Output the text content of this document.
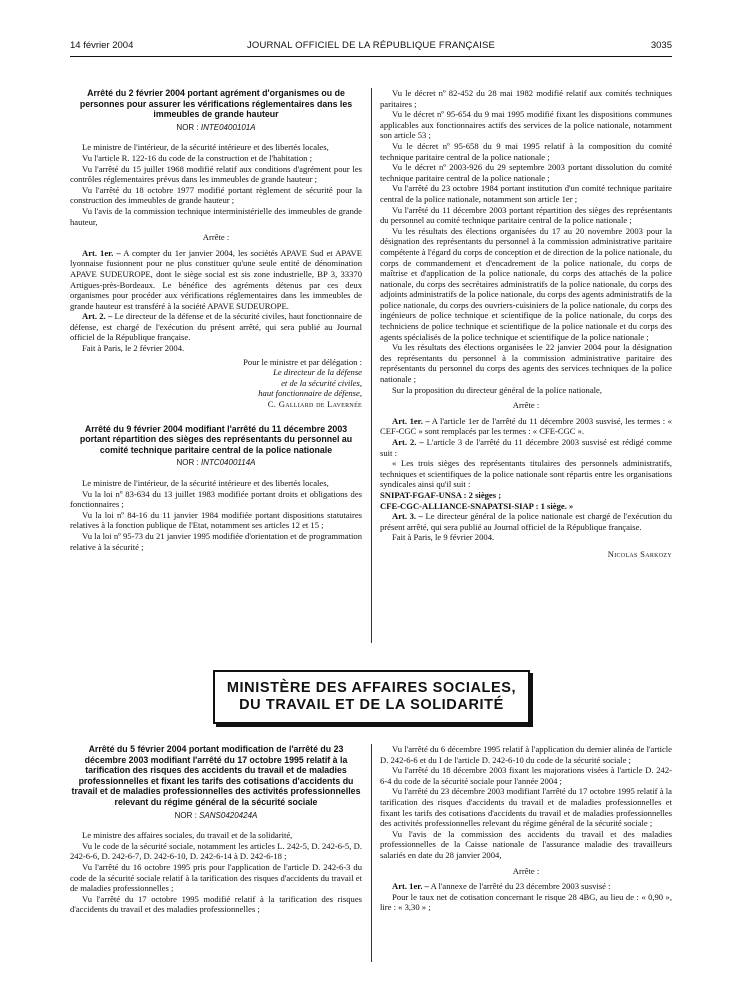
14 février 2004	JOURNAL OFFICIEL DE LA RÉPUBLIQUE FRANÇAISE	3035
Arrêté du 2 février 2004 portant agrément d'organismes ou de personnes pour assurer les vérifications réglementaires dans les immeubles de grande hauteur
NOR : INTE0400101A

Le ministre de l'intérieur, de la sécurité intérieure et des libertés locales,

Vu l'article R. 122-16 du code de la construction et de l'habitation ;

Vu l'arrêté du 15 juillet 1968 modifié relatif aux conditions d'agrément pour les contrôles réglementaires prévus dans les immeubles de grande hauteur ;

Vu l'arrêté du 18 octobre 1977 modifié portant règlement de sécurité pour la construction des immeubles de grande hauteur ;

Vu l'avis de la commission technique interministérielle des immeubles de grande hauteur,

Arrête :

Art. 1er. – A compter du 1er janvier 2004, les sociétés APAVE Sud et APAVE lyonnaise fusionnent pour ne plus constituer qu'une seule entité de dénomination APAVE SUDEUROPE, dont le siège social est sis zone industrielle, BP 3, 33370 Artigues-près-Bordeaux. Le bénéfice des agréments détenus par ces deux organismes pour procéder aux vérifications réglementaires dans les immeubles de grande hauteur est transféré à la société APAVE SUDEUROPE.

Art. 2. – Le directeur de la défense et de la sécurité civiles, haut fonctionnaire de défense, est chargé de l'exécution du présent arrêté, qui sera publié au Journal officiel de la République française.

Fait à Paris, le 2 février 2004.

Pour le ministre et par délégation :
Le directeur de la défense
et de la sécurité civiles,
haut fonctionnaire de défense,
C. Galliard de Lavernée
Arrêté du 9 février 2004 modifiant l'arrêté du 11 décembre 2003 portant répartition des sièges des représentants du personnel au comité technique paritaire central de la police nationale
NOR : INTC0400114A

Le ministre de l'intérieur, de la sécurité intérieure et des libertés locales,

Vu la loi nº 83-634 du 13 juillet 1983 modifiée portant droits et obligations des fonctionnaires ;

Vu la loi nº 84-16 du 11 janvier 1984 modifiée portant dispositions statutaires relatives à la fonction publique de l'Etat, notamment ses articles 12 et 15 ;

Vu la loi nº 95-73 du 21 janvier 1995 modifiée d'orientation et de programmation relative à la sécurité ;

Vu le décret nº 82-452 du 28 mai 1982 modifié relatif aux comités techniques paritaires ;

Vu le décret nº 95-654 du 9 mai 1995 modifié fixant les dispositions communes applicables aux fonctionnaires actifs des services de la police nationale, notamment son article 53 ;

Vu le décret nº 95-658 du 9 mai 1995 relatif à la composition du comité technique paritaire central de la police nationale ;

Vu le décret nº 2003-926 du 29 septembre 2003 portant dissolution du comité technique paritaire central de la police nationale ;

Vu l'arrêté du 23 octobre 1984 portant institution d'un comité technique paritaire central de la police nationale, notamment son article 1er ;

Vu l'arrêté du 11 décembre 2003 portant répartition des sièges des représentants du personnel au comité technique paritaire central de la police nationale ;

Vu les résultats des élections organisées du 17 au 20 novembre 2003 pour la désignation des représentants du personnel à la commission administrative paritaire compétente à l'égard du corps de conception et de direction de la police nationale, du corps de commandement et d'encadrement de la police nationale, du corps de maîtrise et d'application de la police nationale, du corps des attachés de la police nationale, du corps des secrétaires administratifs de la police nationale, du corps des adjoints administratifs de la police nationale, du corps des agents administratifs de la police nationale, du corps des ouvriers-cuisiniers de la police nationale, du corps des ingénieurs de police technique et scientifique de la police nationale, du corps des techniciens de police technique et scientifique de la police nationale et du corps des agents spécialisés de la police technique et scientifique de la police nationale ;

Vu les résultats des élections organisées le 22 janvier 2004 pour la désignation des représentants du personnel à la commission administrative paritaire des représentants du personnel du corps des agents des services techniques de la police nationale ;

Sur la proposition du directeur général de la police nationale,

Arrête :

Art. 1er. – A l'article 1er de l'arrêté du 11 décembre 2003 susvisé, les termes : « CEF-CGC » sont remplacés par les termes : « CFE-CGC ».

Art. 2. – L'article 3 de l'arrêté du 11 décembre 2003 susvisé est rédigé comme suit :

« Les trois sièges des représentants titulaires des personnels administratifs, techniques et scientifiques de la police nationale sont répartis entre les organisations syndicales ainsi qu'il suit :

SNIPAT-FGAF-UNSA : 2 sièges ;

CFE-CGC-ALLIANCE-SNAPATSI-SIAP : 1 siège. »

Art. 3. – Le directeur général de la police nationale est chargé de l'exécution du présent arrêté, qui sera publié au Journal officiel de la République française.

Fait à Paris, le 9 février 2004.

Nicolas Sarkozy
MINISTÈRE DES AFFAIRES SOCIALES,
DU TRAVAIL ET DE LA SOLIDARITÉ
Arrêté du 5 février 2004 portant modification de l'arrêté du 23 décembre 2003 modifiant l'arrêté du 17 octobre 1995 relatif à la tarification des risques des accidents du travail et de maladies professionnelles et fixant les tarifs des cotisations d'accidents du travail et de maladies professionnelles des activités professionnelles relevant du régime général de la sécurité sociale
NOR : SANS0420424A

Le ministre des affaires sociales, du travail et de la solidarité,

Vu le code de la sécurité sociale, notamment les articles L. 242-5, D. 242-6-5, D. 242-6-6, D. 242-6-7, D. 242-6-10, D. 242-6-14 à D. 242-6-18 ;

Vu l'arrêté du 16 octobre 1995 pris pour l'application de l'article D. 242-6-3 du code de la sécurité sociale relatif à la tarification des risques d'accidents du travail et de maladies professionnelles ;

Vu l'arrêté du 17 octobre 1995 modifié relatif à la tarification des risques d'accidents du travail et des maladies professionnelles ;

Vu l'arrêté du 6 décembre 1995 relatif à l'application du dernier alinéa de l'article D. 242-6-6 et du I de l'article D. 242-6-10 du code de la sécurité sociale ;

Vu l'arrêté du 18 décembre 2003 fixant les majorations visées à l'article D. 242-6-4 du code de la sécurité sociale pour l'année 2004 ;

Vu l'arrêté du 23 décembre 2003 modifiant l'arrêté du 17 octobre 1995 relatif à la tarification des risques d'accidents du travail et de maladies professionnelles et fixant les tarifs des cotisations d'accidents du travail et de maladies professionnelles des activités professionnelles relevant du régime général de la sécurité sociale ;

Vu l'avis de la commission des accidents du travail et des maladies professionnelles de la Caisse nationale de l'assurance maladie des travailleurs salariés en date du 28 janvier 2004,

Arrête :

Art. 1er. – A l'annexe de l'arrêté du 23 décembre 2003 susvisé :

Pour le taux net de cotisation concernant le risque 28 4BG, au lieu de : « 0,90 », lire : « 3,30 » ;
